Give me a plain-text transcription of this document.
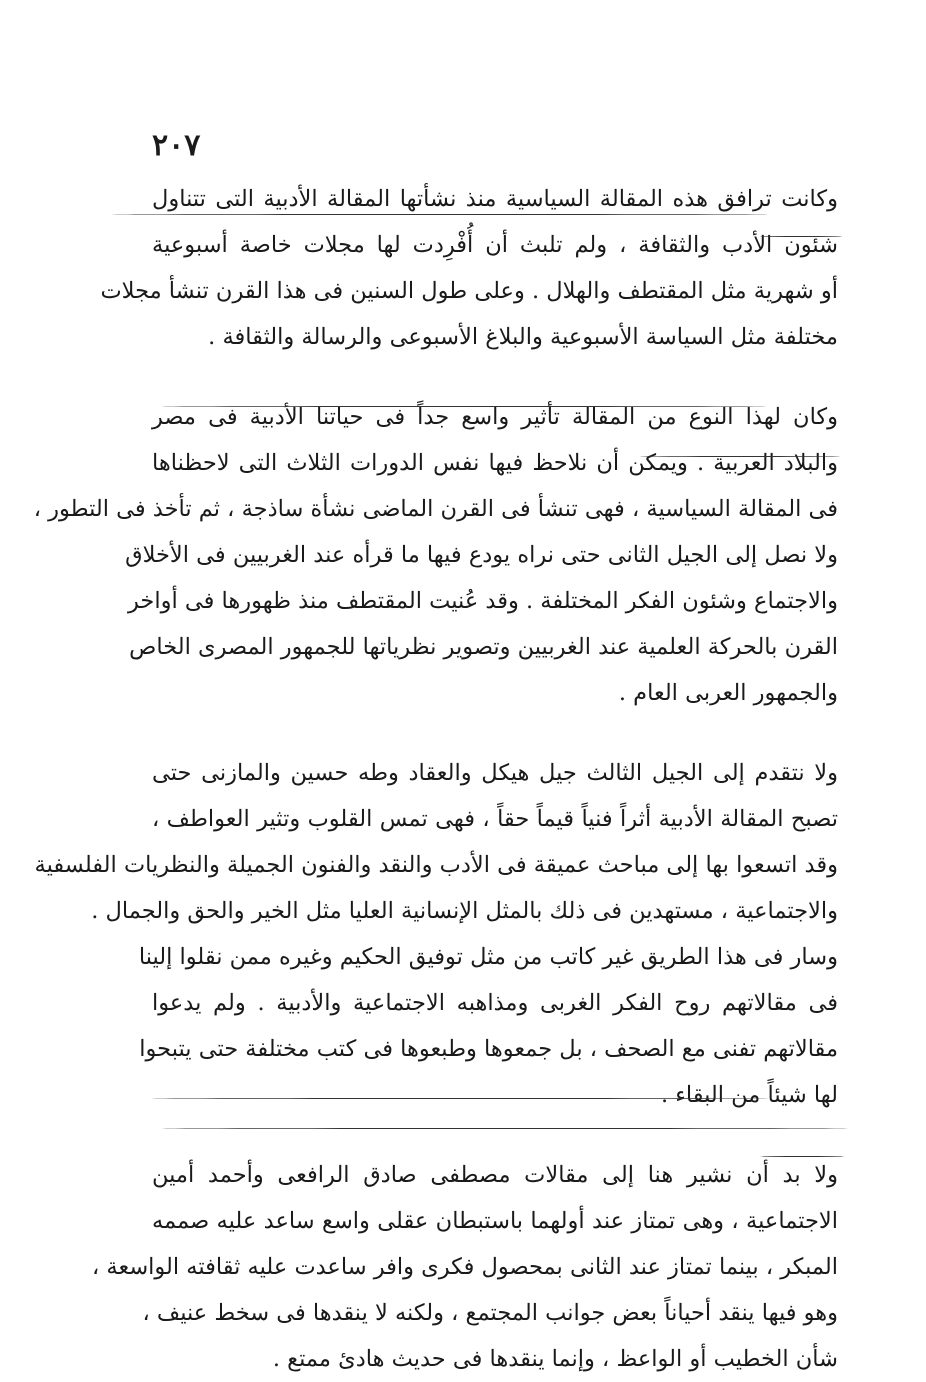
٢٠٧
وكانت ترافق هذه المقالة السياسية منذ نشأتها المقالة الأدبية التى تتناول
شئون الأدب والثقافة ، ولم تلبث أن أُفْرِدت لها مجلات خاصة أسبوعية
أو شهرية مثل المقتطف والهلال . وعلى طول السنين فى هذا القرن تنشأ مجلات
مختلفة مثل السياسة الأسبوعية والبلاغ الأسبوعى والرسالة والثقافة .
وكان لهذا النوع من المقالة تأثير واسع جداً فى حياتنا الأدبية فى مصر
والبلاد العربية . ويمكن أن نلاحظ فيها نفس الدورات الثلاث التى لاحظناها
فى المقالة السياسية ، فهى تنشأ فى القرن الماضى نشأة ساذجة ، ثم تأخذ فى التطور ،
ولا نصل إلى الجيل الثانى حتى نراه يودع فيها ما قرأه عند الغربيين فى الأخلاق
والاجتماع وشئون الفكر المختلفة . وقد عُنيت المقتطف منذ ظهورها فى أواخر
القرن بالحركة العلمية عند الغربيين وتصوير نظرياتها للجمهور المصرى الخاص
والجمهور العربى العام .
ولا نتقدم إلى الجيل الثالث جيل هيكل والعقاد وطه حسين والمازنى حتى
تصبح المقالة الأدبية أثراً فنياً قيماً حقاً ، فهى تمس القلوب وتثير العواطف ،
وقد اتسعوا بها إلى مباحث عميقة فى الأدب والنقد والفنون الجميلة والنظريات الفلسفية
والاجتماعية ، مستهدين فى ذلك بالمثل الإنسانية العليا مثل الخير والحق والجمال .
وسار فى هذا الطريق غير كاتب من مثل توفيق الحكيم وغيره ممن نقلوا إلينا
فى مقالاتهم روح الفكر الغربى ومذاهبه الاجتماعية والأدبية . ولم يدعوا
مقالاتهم تفنى مع الصحف ، بل جمعوها وطبعوها فى كتب مختلفة حتى يتبحوا
لها شيئاً من البقاء .
ولا بد أن نشير هنا إلى مقالات مصطفى صادق الرافعى وأحمد أمين
الاجتماعية ، وهى تمتاز عند أولهما باستبطان عقلى واسع ساعد عليه صممه
المبكر ، بينما تمتاز عند الثانى بمحصول فكرى وافر ساعدت عليه ثقافته الواسعة ،
وهو فيها ينقد أحياناً بعض جوانب المجتمع ، ولكنه لا ينقدها فى سخط عنيف ،
شأن الخطيب أو الواعظ ، وإنما ينقدها فى حديث هادئ ممتع .
